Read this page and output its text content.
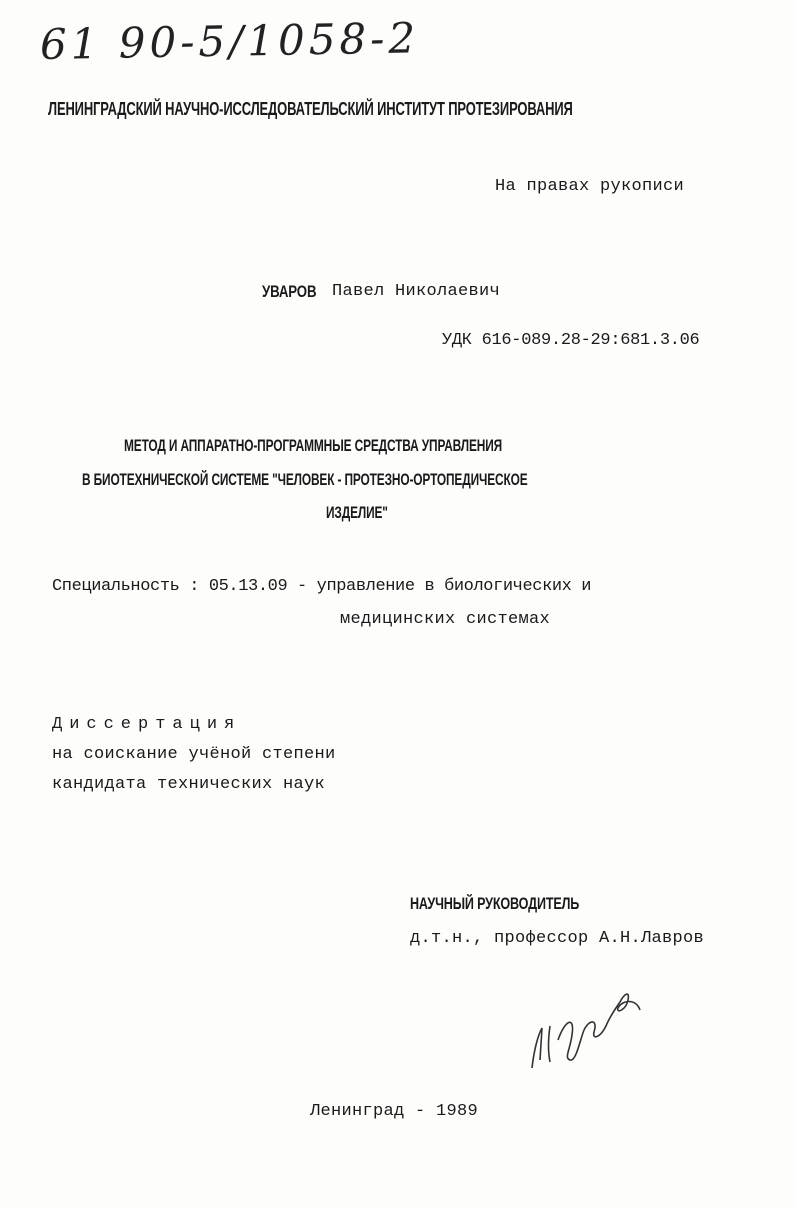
61 90-5/1058-2
ЛЕНИНГРАДСКИЙ НАУЧНО-ИССЛЕДОВАТЕЛЬСКИЙ ИНСТИТУТ ПРОТЕЗИРОВАНИЯ
На правах рукописи
УВАРОВ Павел Николаевич
УДК 616-089.28-29:681.3.06
МЕТОД И АППАРАТНО-ПРОГРАММНЫЕ СРЕДСТВА УПРАВЛЕНИЯ
В БИОТЕХНИЧЕСКОЙ СИСТЕМЕ "ЧЕЛОВЕК - ПРОТЕЗНО-ОРТОПЕДИЧЕСКОЕ
ИЗДЕЛИЕ"
Специальность : 05.13.09 - управление в биологических и
медицинских системах
Диссертация
на соискание учёной степени
кандидата технических наук
НАУЧНЫЙ РУКОВОДИТЕЛЬ
д.т.н., профессор А.Н.Лавров
Ленинград - 1989
